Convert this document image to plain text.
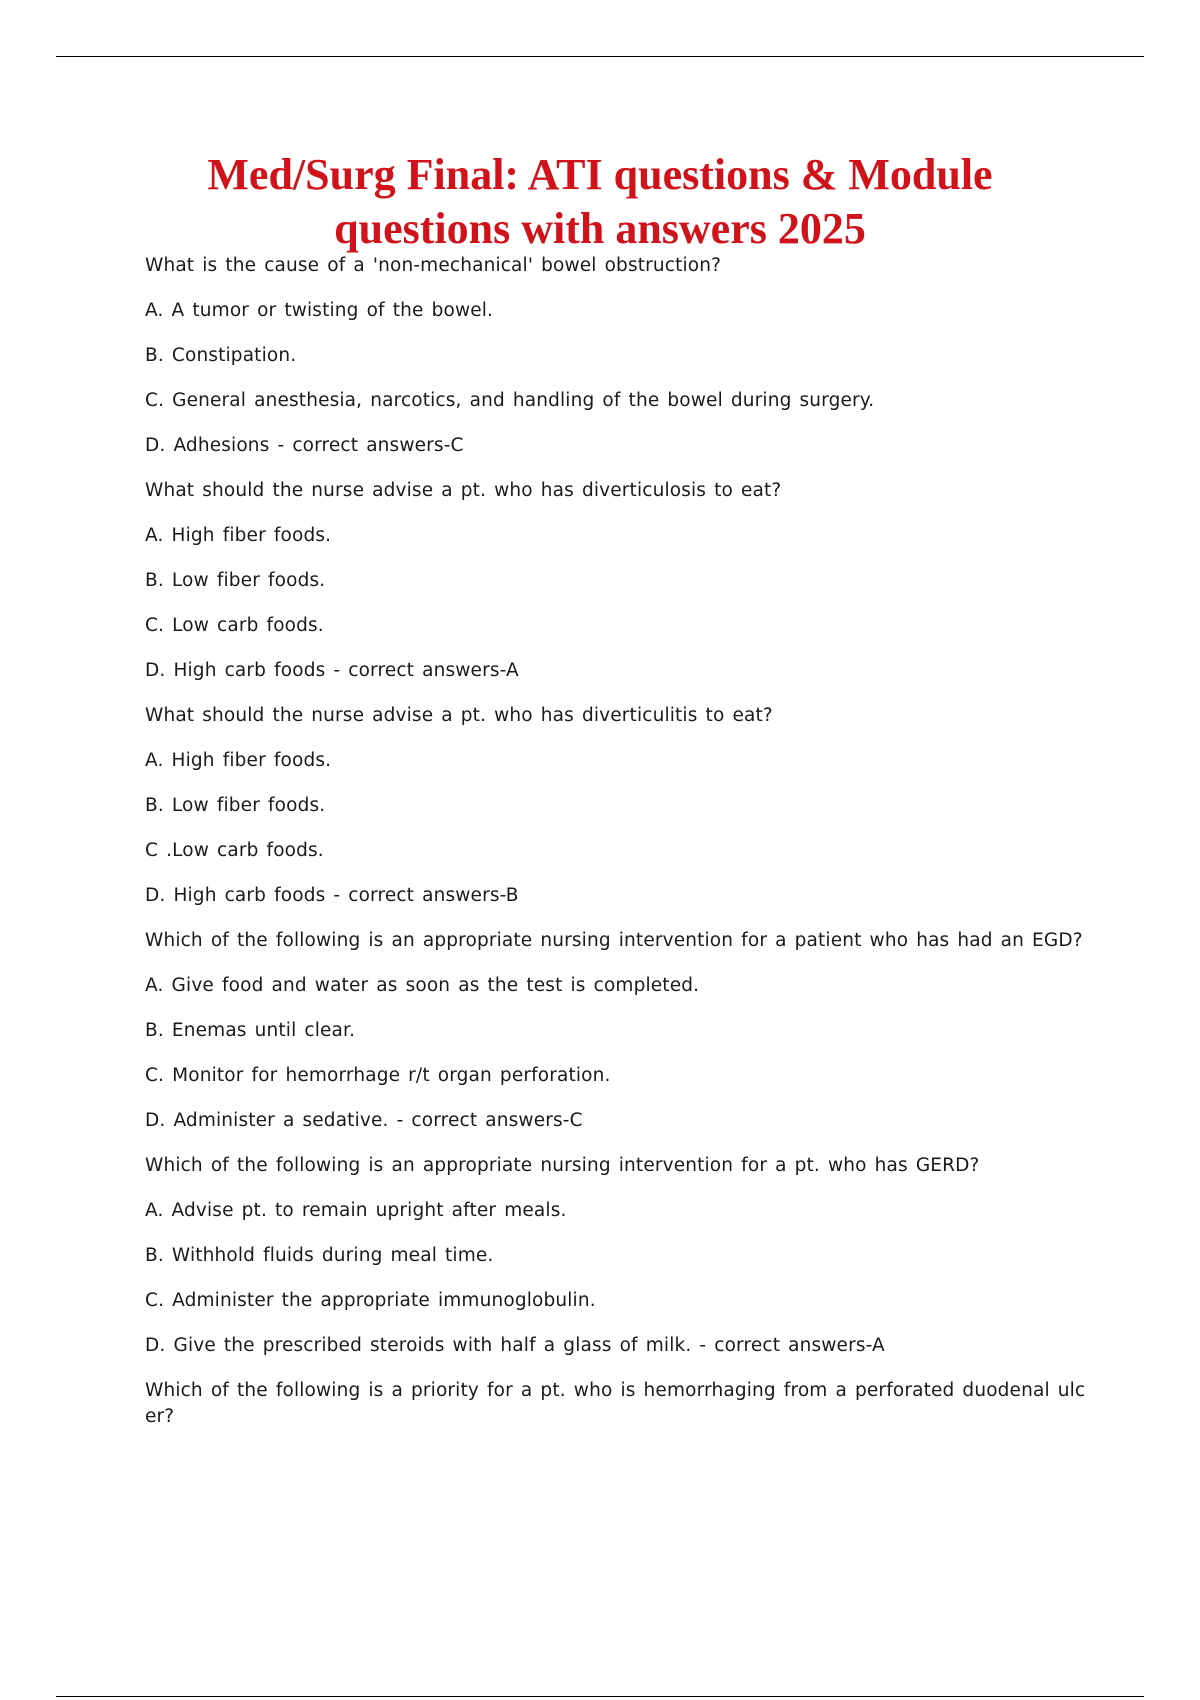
Med/Surg Final: ATI questions & Module
questions with answers 2025

What is the cause of a 'non-mechanical' bowel obstruction?

A. A tumor or twisting of the bowel.

B. Constipation.

C. General anesthesia, narcotics, and handling of the bowel during surgery.

D. Adhesions - correct answers-C

What should the nurse advise a pt. who has diverticulosis to eat?

A. High fiber foods.

B. Low fiber foods.

C. Low carb foods.

D. High carb foods - correct answers-A

What should the nurse advise a pt. who has diverticulitis to eat?

A. High fiber foods.

B. Low fiber foods.

C .Low carb foods.

D. High carb foods - correct answers-B

Which of the following is an appropriate nursing intervention for a patient who has had an EGD?

A. Give food and water as soon as the test is completed.

B. Enemas until clear.

C. Monitor for hemorrhage r/t organ perforation.

D. Administer a sedative. - correct answers-C

Which of the following is an appropriate nursing intervention for a pt. who has GERD?

A. Advise pt. to remain upright after meals.

B. Withhold fluids during meal time.

C. Administer the appropriate immunoglobulin.

D. Give the prescribed steroids with half a glass of milk. - correct answers-A

Which of the following is a priority for a pt. who is hemorrhaging from a perforated duodenal ulcer?
